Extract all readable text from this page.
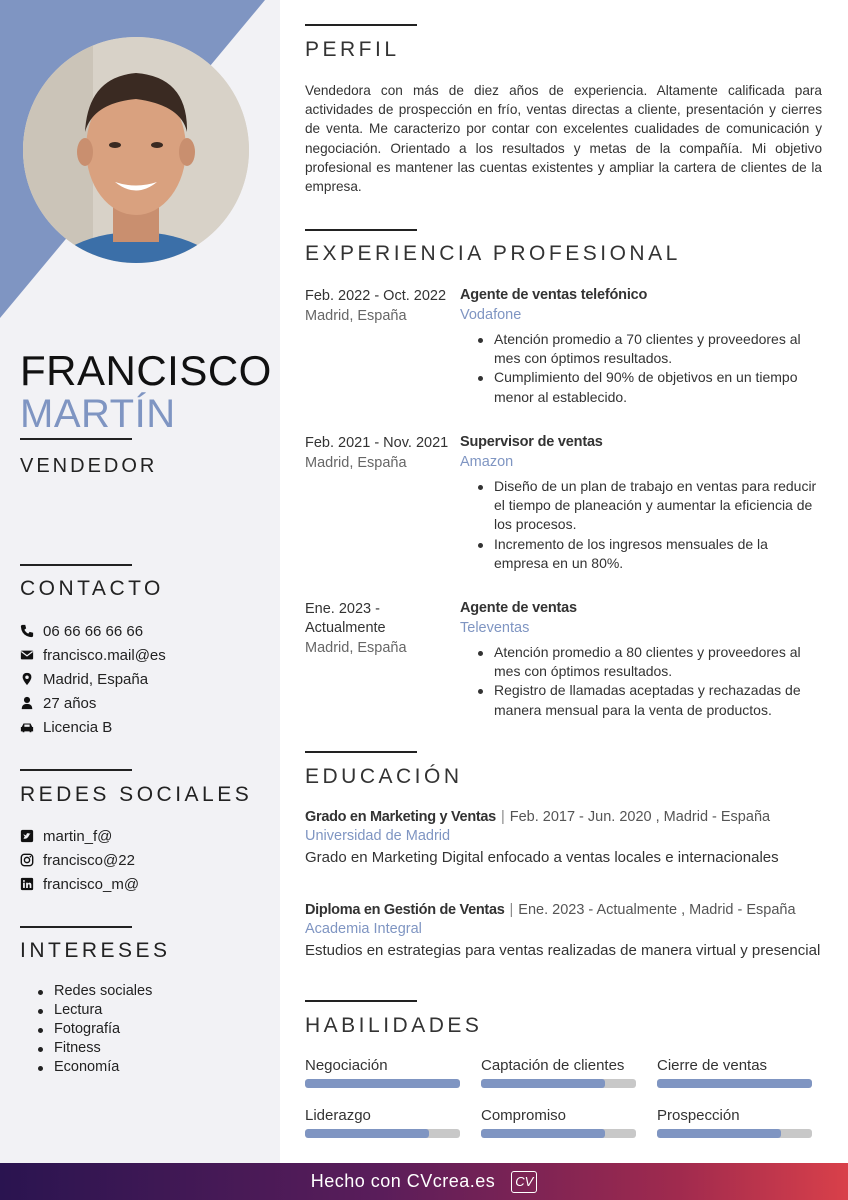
FRANCISCO
MARTÍN
VENDEDOR
CONTACTO
06 66 66 66 66
francisco.mail@es
Madrid, España
27 años
Licencia B
REDES SOCIALES
martin_f@
francisco@22
francisco_m@
INTERESES
Redes sociales
Lectura
Fotografía
Fitness
Economía
PERFIL

Vendedora con más de diez años de experiencia. Altamente calificada para actividades de prospección en frío, ventas directas a cliente, presentación y cierres de venta. Me caracterizo por contar con excelentes cualidades de comunicación y negociación. Orientado a los resultados y metas de la compañía. Mi objetivo profesional es mantener las cuentas existentes y ampliar la cartera de clientes de la empresa.

EXPERIENCIA PROFESIONAL
Feb. 2022 - Oct. 2022
Madrid, España
Agente de ventas telefónico
Vodafone
Atención promedio a 70 clientes y proveedores al mes con óptimos resultados.
Cumplimiento del 90% de objetivos en un tiempo menor al establecido.
Feb. 2021 - Nov. 2021
Madrid, España
Supervisor de ventas
Amazon
Diseño de un plan de trabajo en ventas para reducir el tiempo de planeación y aumentar la eficiencia de los procesos.
Incremento de los ingresos mensuales de la empresa en un 80%.
Ene. 2023 - Actualmente
Madrid, España
Agente de ventas
Televentas
Atención promedio a 80 clientes y proveedores al mes con óptimos resultados.
Registro de llamadas aceptadas y rechazadas de manera mensual para la venta de productos.
EDUCACIÓN
Grado en Marketing y Ventas | Feb. 2017 - Jun. 2020 , Madrid - España
Universidad de Madrid
Grado en Marketing Digital enfocado a ventas locales e internacionales
Diploma en Gestión de Ventas | Ene. 2023 - Actualmente , Madrid - España
Academia Integral
Estudios en estrategias para ventas realizadas de manera virtual y presencial
HABILIDADES
Negociación	Captación de clientes	Cierre de ventas
Liderazgo	Compromiso	Prospección
Hecho con CVcrea.es	CV
